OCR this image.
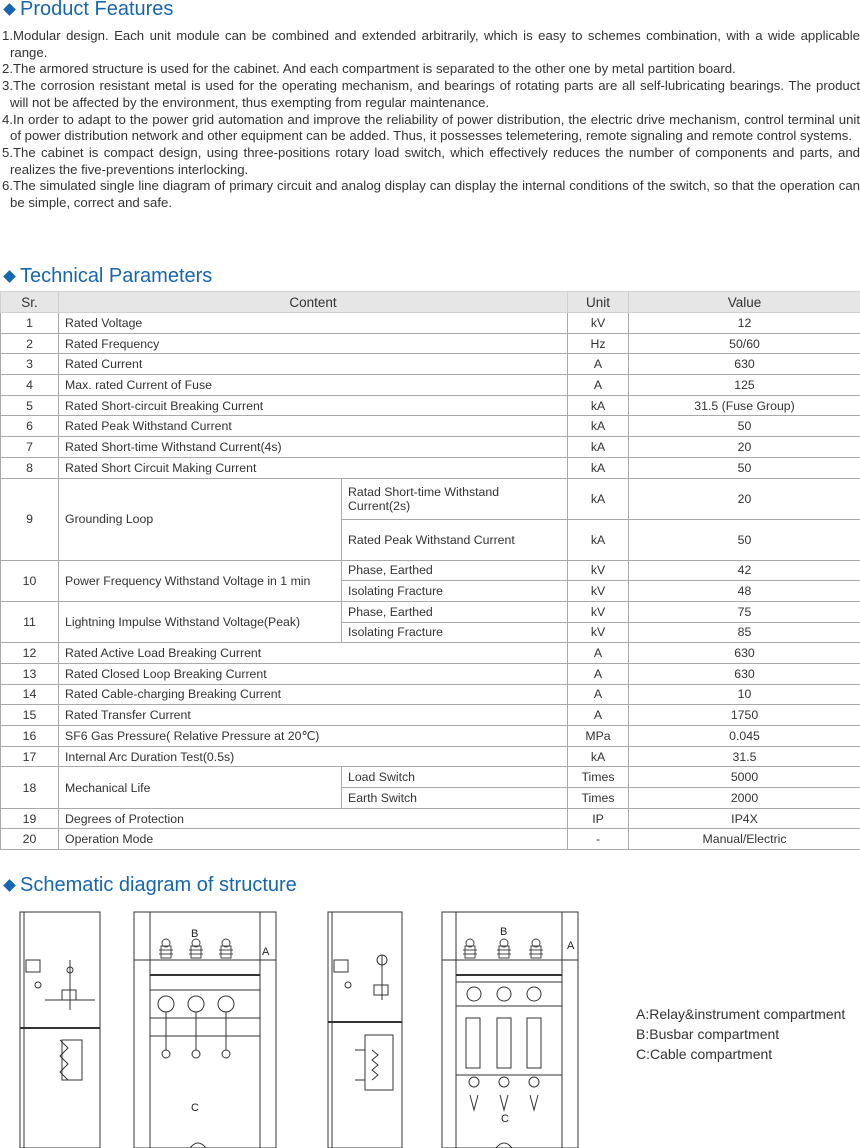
Product Features
1.Modular design. Each unit module can be combined and extended arbitrarily, which is easy to schemes combination, with a wide applicable range.
2.The armored structure is used for the cabinet. And each compartment is separated to the other one by metal partition board.
3.The corrosion resistant metal is used for the operating mechanism, and bearings of rotating parts are all self-lubricating bearings. The product will not be affected by the environment, thus exempting from regular maintenance.
4.In order to adapt to the power grid automation and improve the reliability of power distribution, the electric drive mechanism, control terminal unit of power distribution network and other equipment can be added. Thus, it possesses telemetering, remote signaling and remote control systems.
5.The cabinet is compact design, using three-positions rotary load switch, which effectively reduces the number of components and parts, and realizes the five-preventions interlocking.
6.The simulated single line diagram of primary circuit and analog display can display the internal conditions of the switch, so that the operation can be simple, correct and safe.
Technical Parameters
Sr.	Content		Unit	Value
1	Rated Voltage		kV	12
2	Rated Frequency		Hz	50/60
3	Rated Current		A	630
4	Max. rated Current of Fuse		A	125
5	Rated Short-circuit Breaking Current		kA	31.5 (Fuse Group)
6	Rated Peak Withstand Current		kA	50
7	Rated Short-time Withstand Current(4s)		kA	20
8	Rated Short Circuit Making Current		kA	50
9	Grounding Loop	Ratad Short-time Withstand Current(2s)	kA	20
		Rated Peak Withstand Current	kA	50
10	Power Frequency Withstand Voltage in 1 min	Phase, Earthed	kV	42
		Isolating Fracture	kV	48
11	Lightning Impulse Withstand Voltage(Peak)	Phase, Earthed	kV	75
		Isolating Fracture	kV	85
12	Rated Active Load Breaking Current		A	630
13	Rated Closed Loop Breaking Current		A	630
14	Rated Cable-charging Breaking Current		A	10
15	Rated Transfer Current		A	1750
16	SF6 Gas Pressure( Relative Pressure at 20℃)		MPa	0.045
17	Internal Arc Duration Test(0.5s)		kA	31.5
18	Mechanical Life	Load Switch	Times	5000
		Earth Switch	Times	2000
19	Degrees of Protection		IP	IP4X
20	Operation Mode		-	Manual/Electric
Schematic diagram of structure
B
A
C
B
A
C
A:Relay&instrument compartment
B:Busbar compartment
C:Cable compartment
